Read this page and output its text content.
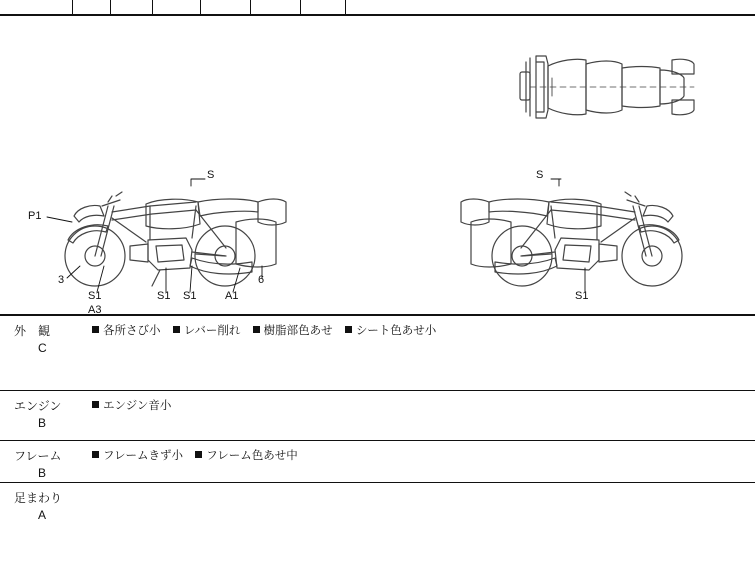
P1
S
3
S1
A3
S1 S1	A1
6
S
S1
外　観
C
各所さび小 レバー削れ 樹脂部色あせ シート色あせ小
エンジン
B
エンジン音小
フレーム
B
フレームきず小 フレーム色あせ中
足まわり
A
